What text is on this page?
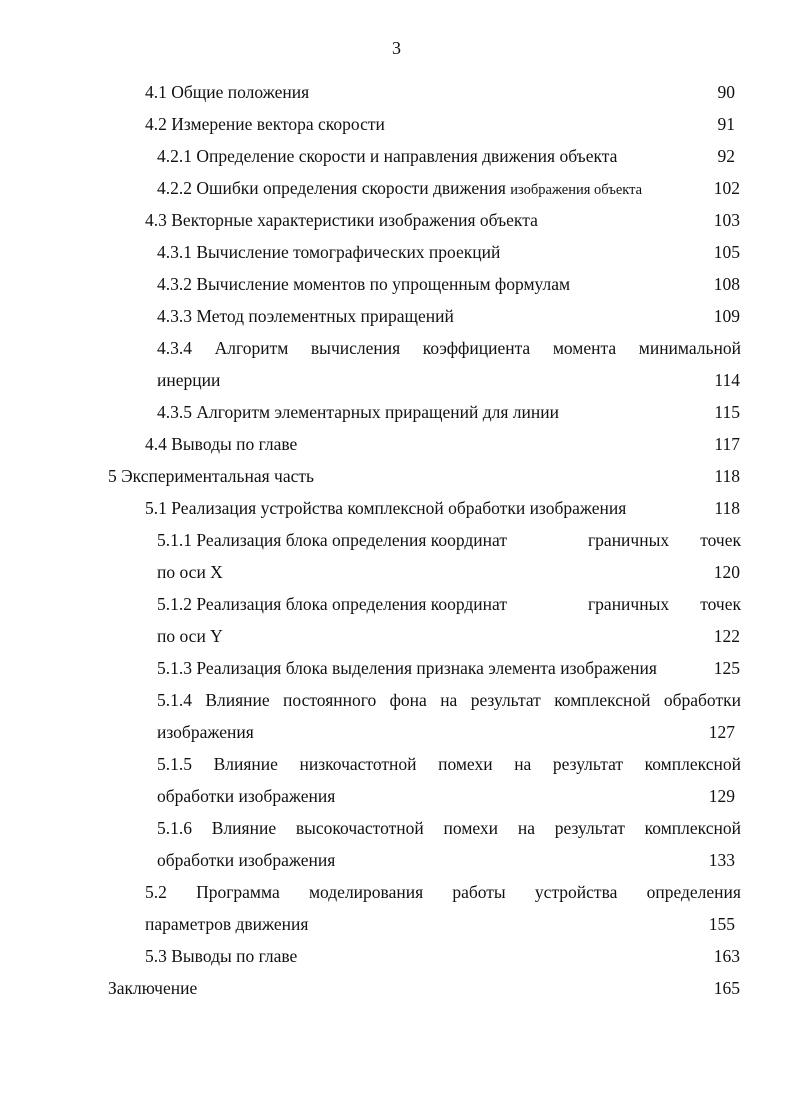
3
4.1 Общие положения	90
4.2 Измерение вектора скорости	91
4.2.1 Определение скорости и направления движения объекта	92
4.2.2 Ошибки определения скорости движения изображения объекта	102
4.3 Векторные характеристики изображения объекта	103
4.3.1 Вычисление томографических проекций	105
4.3.2 Вычисление моментов по упрощенным формулам	108
4.3.3 Метод поэлементных приращений	109
4.3.4 Алгоритм вычисления коэффициента момента минимальной
инерции	114
4.3.5 Алгоритм элементарных приращений для линии	115
4.4 Выводы по главе	117
5 Экспериментальная часть	118
5.1 Реализация устройства комплексной обработки изображения	118
5.1.1 Реализация блока определения координат	граничных точек
по оси X	120
5.1.2 Реализация блока определения координат	граничных точек
по оси Y	122
5.1.3 Реализация блока выделения признака элемента изображения	125
5.1.4 Влияние постоянного фона на результат комплексной обработки
изображения	127
5.1.5 Влияние низкочастотной помехи на результат комплексной
обработки изображения	129
5.1.6 Влияние высокочастотной помехи на результат комплексной
обработки изображения	133
5.2 Программа моделирования работы устройства определения
параметров движения	155
5.3 Выводы по главе	163
Заключение	165
